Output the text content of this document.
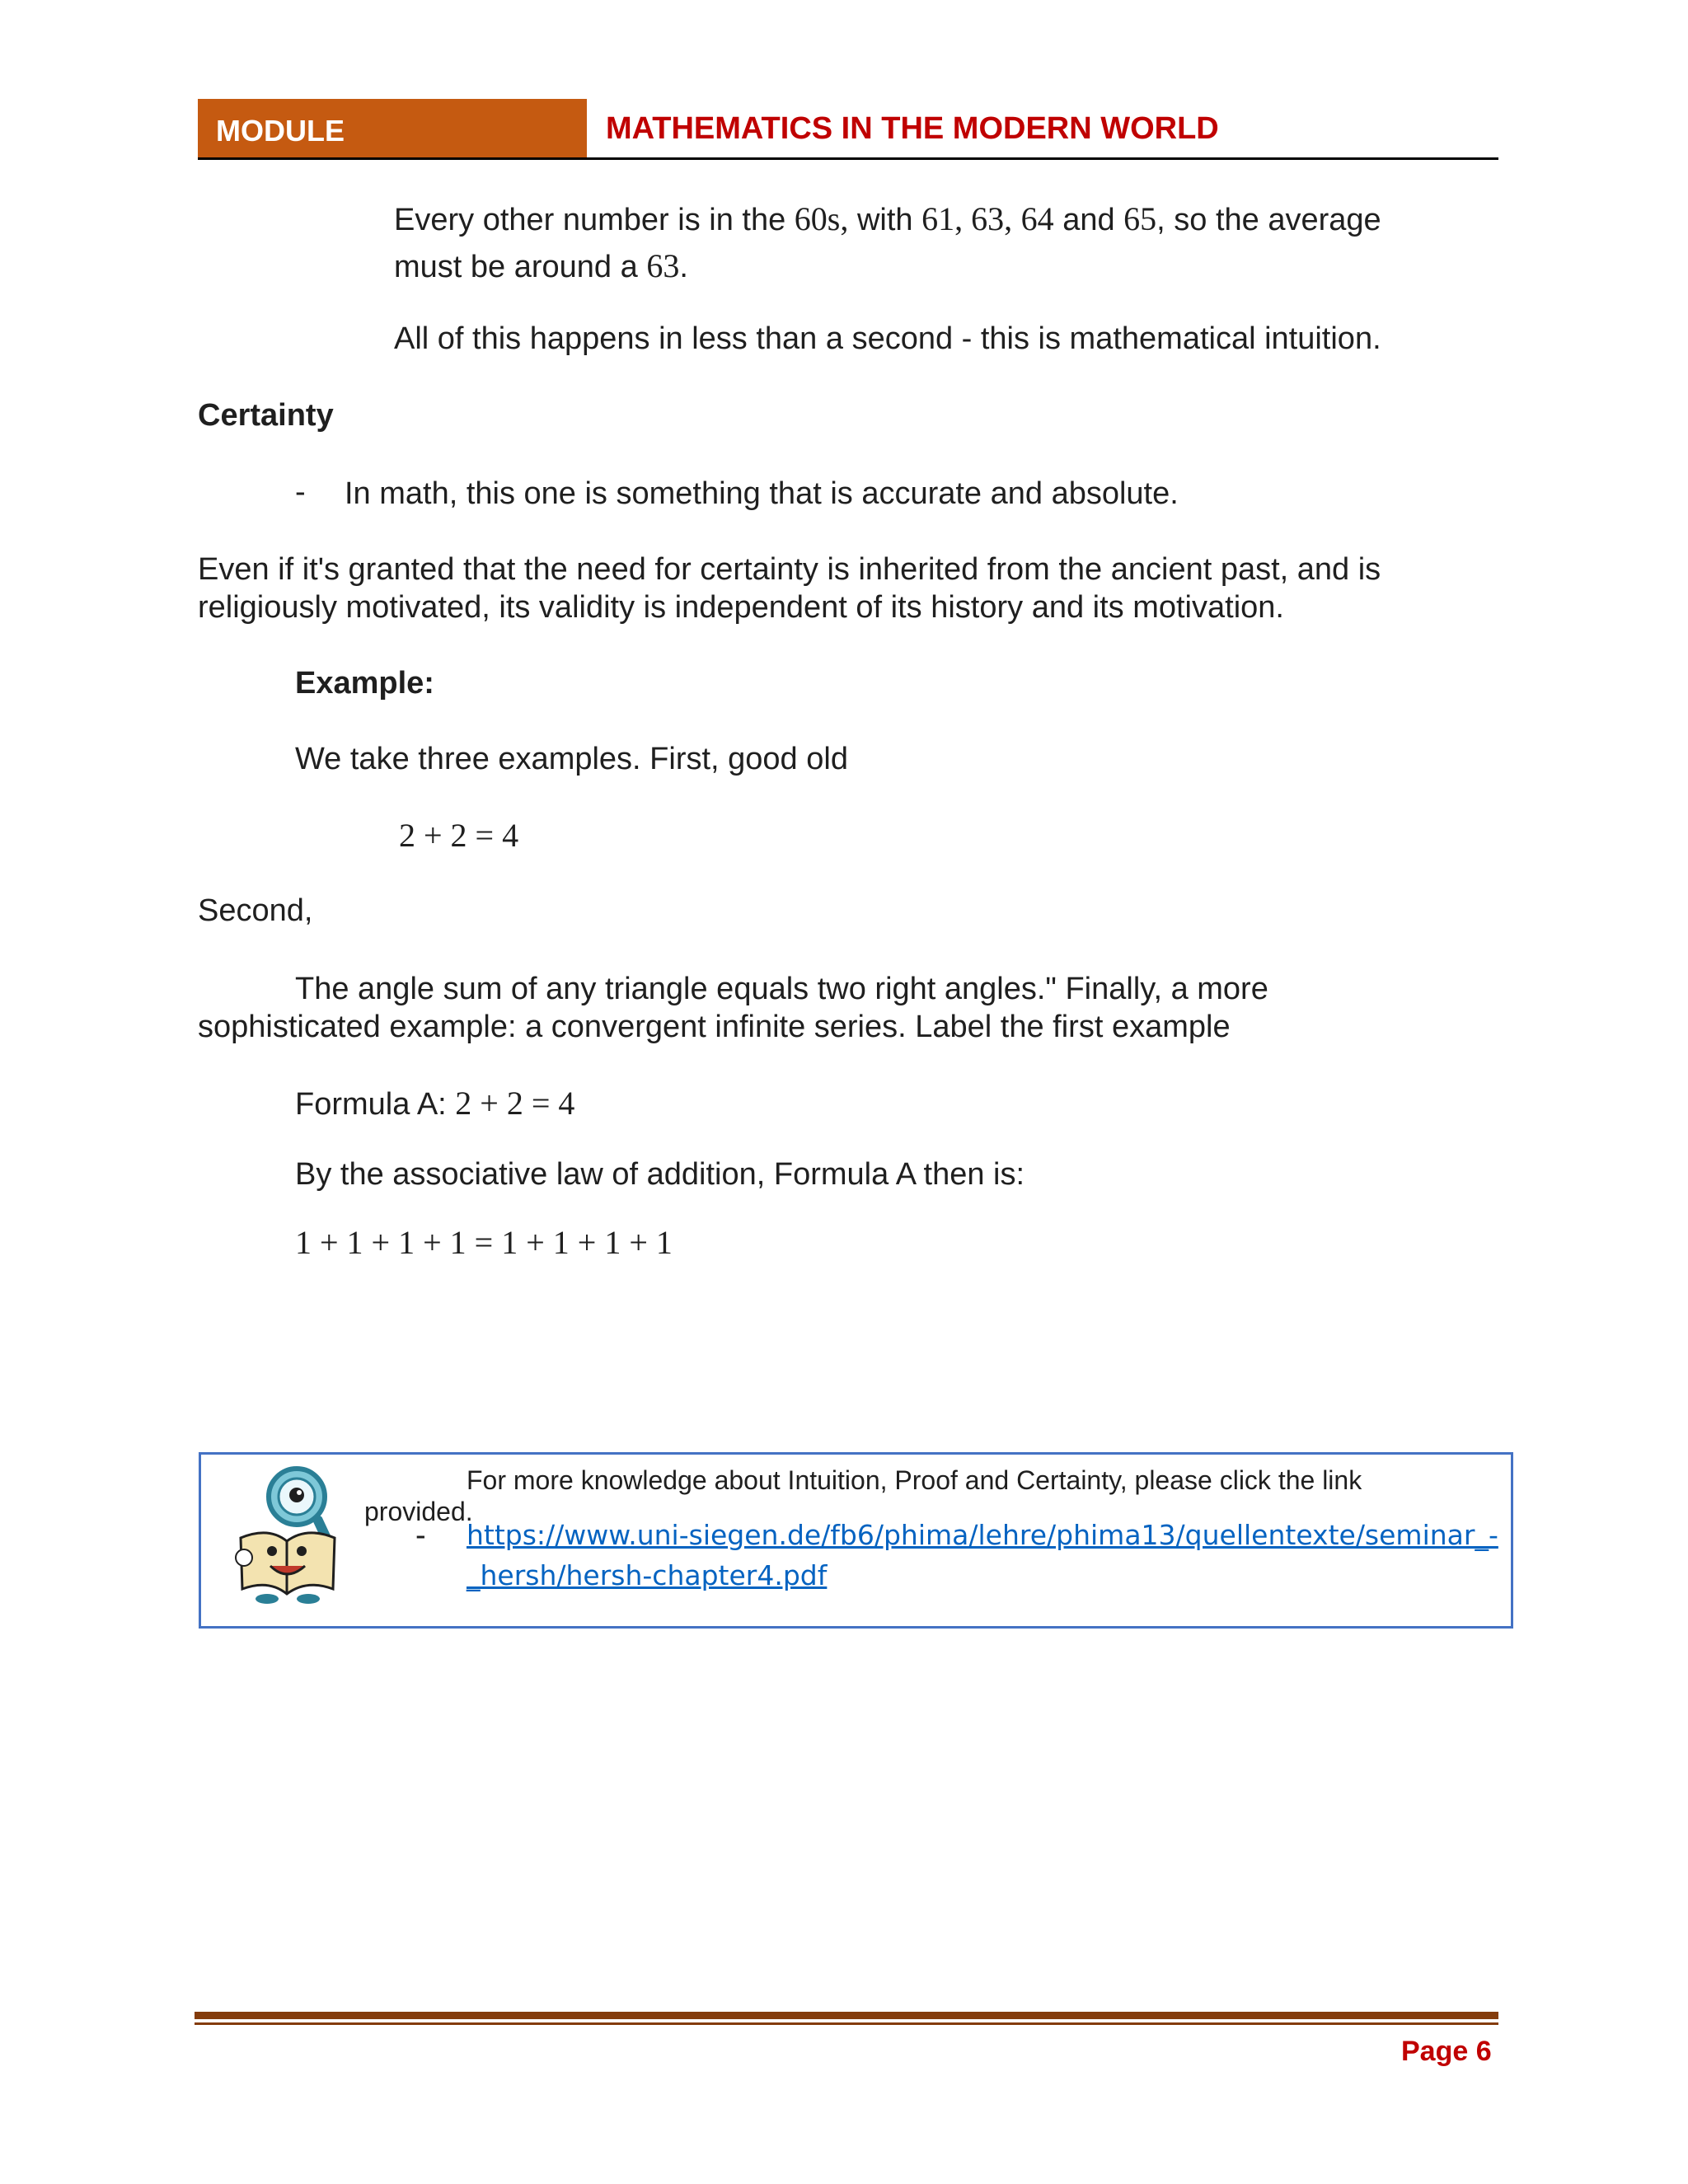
MODULE	MATHEMATICS IN THE MODERN WORLD
Every other number is in the 60s, with 61, 63, 64 and 65, so the average
must be around a 63.
All of this happens in less than a second - this is mathematical intuition.
Certainty
- In math, this one is something that is accurate and absolute.
Even if it's granted that the need for certainty is inherited from the ancient past, and is
religiously motivated, its validity is independent of its history and its motivation.
Example:
We take three examples. First, good old
2 + 2 = 4
Second,
The angle sum of any triangle equals two right angles." Finally, a more
sophisticated example: a convergent infinite series. Label the first example
Formula A: 2 + 2 = 4
By the associative law of addition, Formula A then is:
1 + 1 + 1 + 1 = 1 + 1 + 1 + 1
For more knowledge about Intuition, Proof and Certainty, please click the link
provided.
- https://www.uni-siegen.de/fb6/phima/lehre/phima13/quellentexte/seminar_-
_hersh/hersh-chapter4.pdf
Page 6
